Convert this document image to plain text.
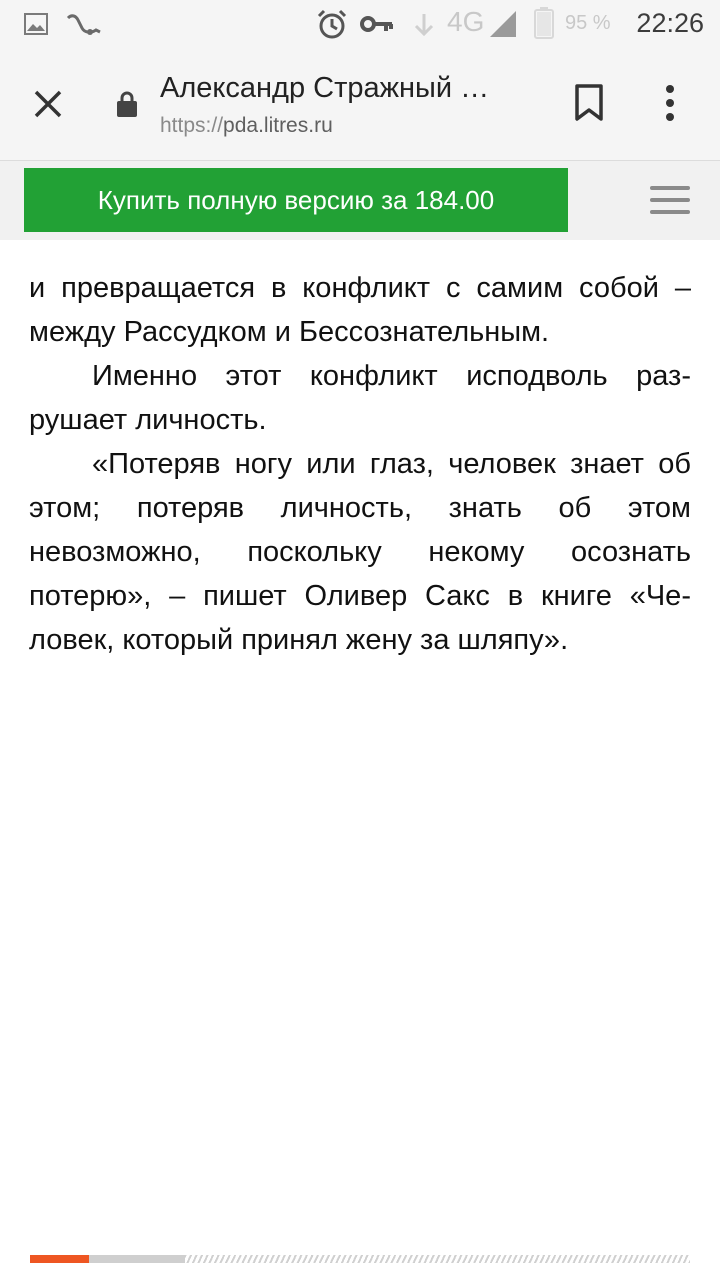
4G	95 % 22:26
Александр Стражный …
https://pda.litres.ru
Купить полную версию за 184.00

и превращается в конфликт с самим собой – между Рассудком и Бессознательным.

Именно этот конфликт исподволь разрушает личность.

«Потеряв ногу или глаз, человек знает об этом; потеряв личность, знать об этом невозможно, поскольку некому осознать потерю», – пишет Оливер Сакс в книге «Человек, который принял жену за шляпу».
